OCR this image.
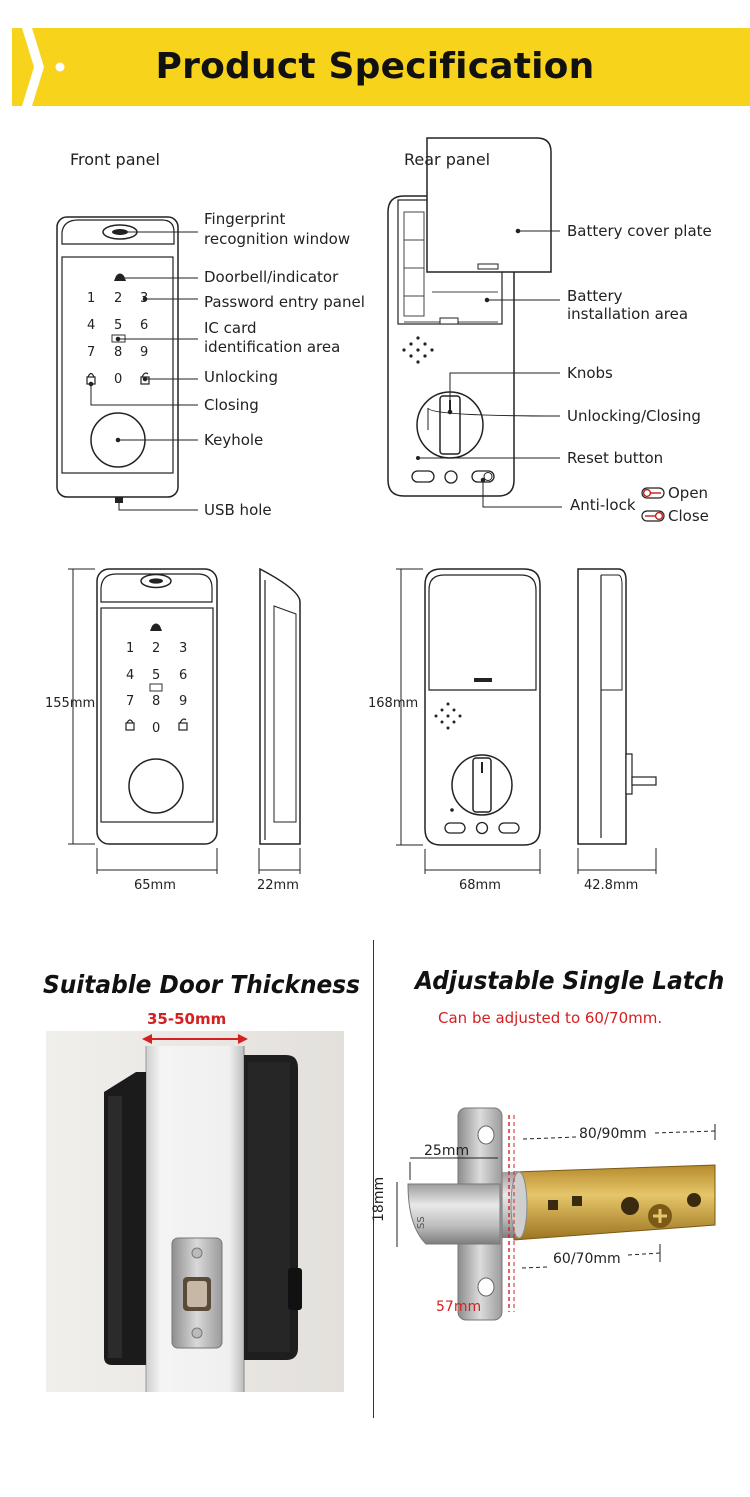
Product Specification
Front panel
1 2 3
4 5 6
7 8 9
0
Fingerprint
recognition window
Doorbell/indicator
Password entry panel
IC card
identification area
Unlocking
Closing
Keyhole
USB hole
Rear panel
Battery cover plate
Battery
installation area
Knobs
Unlocking/Closing
Reset button
Anti-lock
Open
Close
1 2 3
4 5 6
7 8 9
0
155mm
65mm	22mm
168mm
68mm	42.8mm
Suitable Door Thickness
35-50mm
Adjustable Single Latch
Can be adjusted to 60/70mm.
80/90mm
25mm
18mm
60/70mm
57mm
SS
